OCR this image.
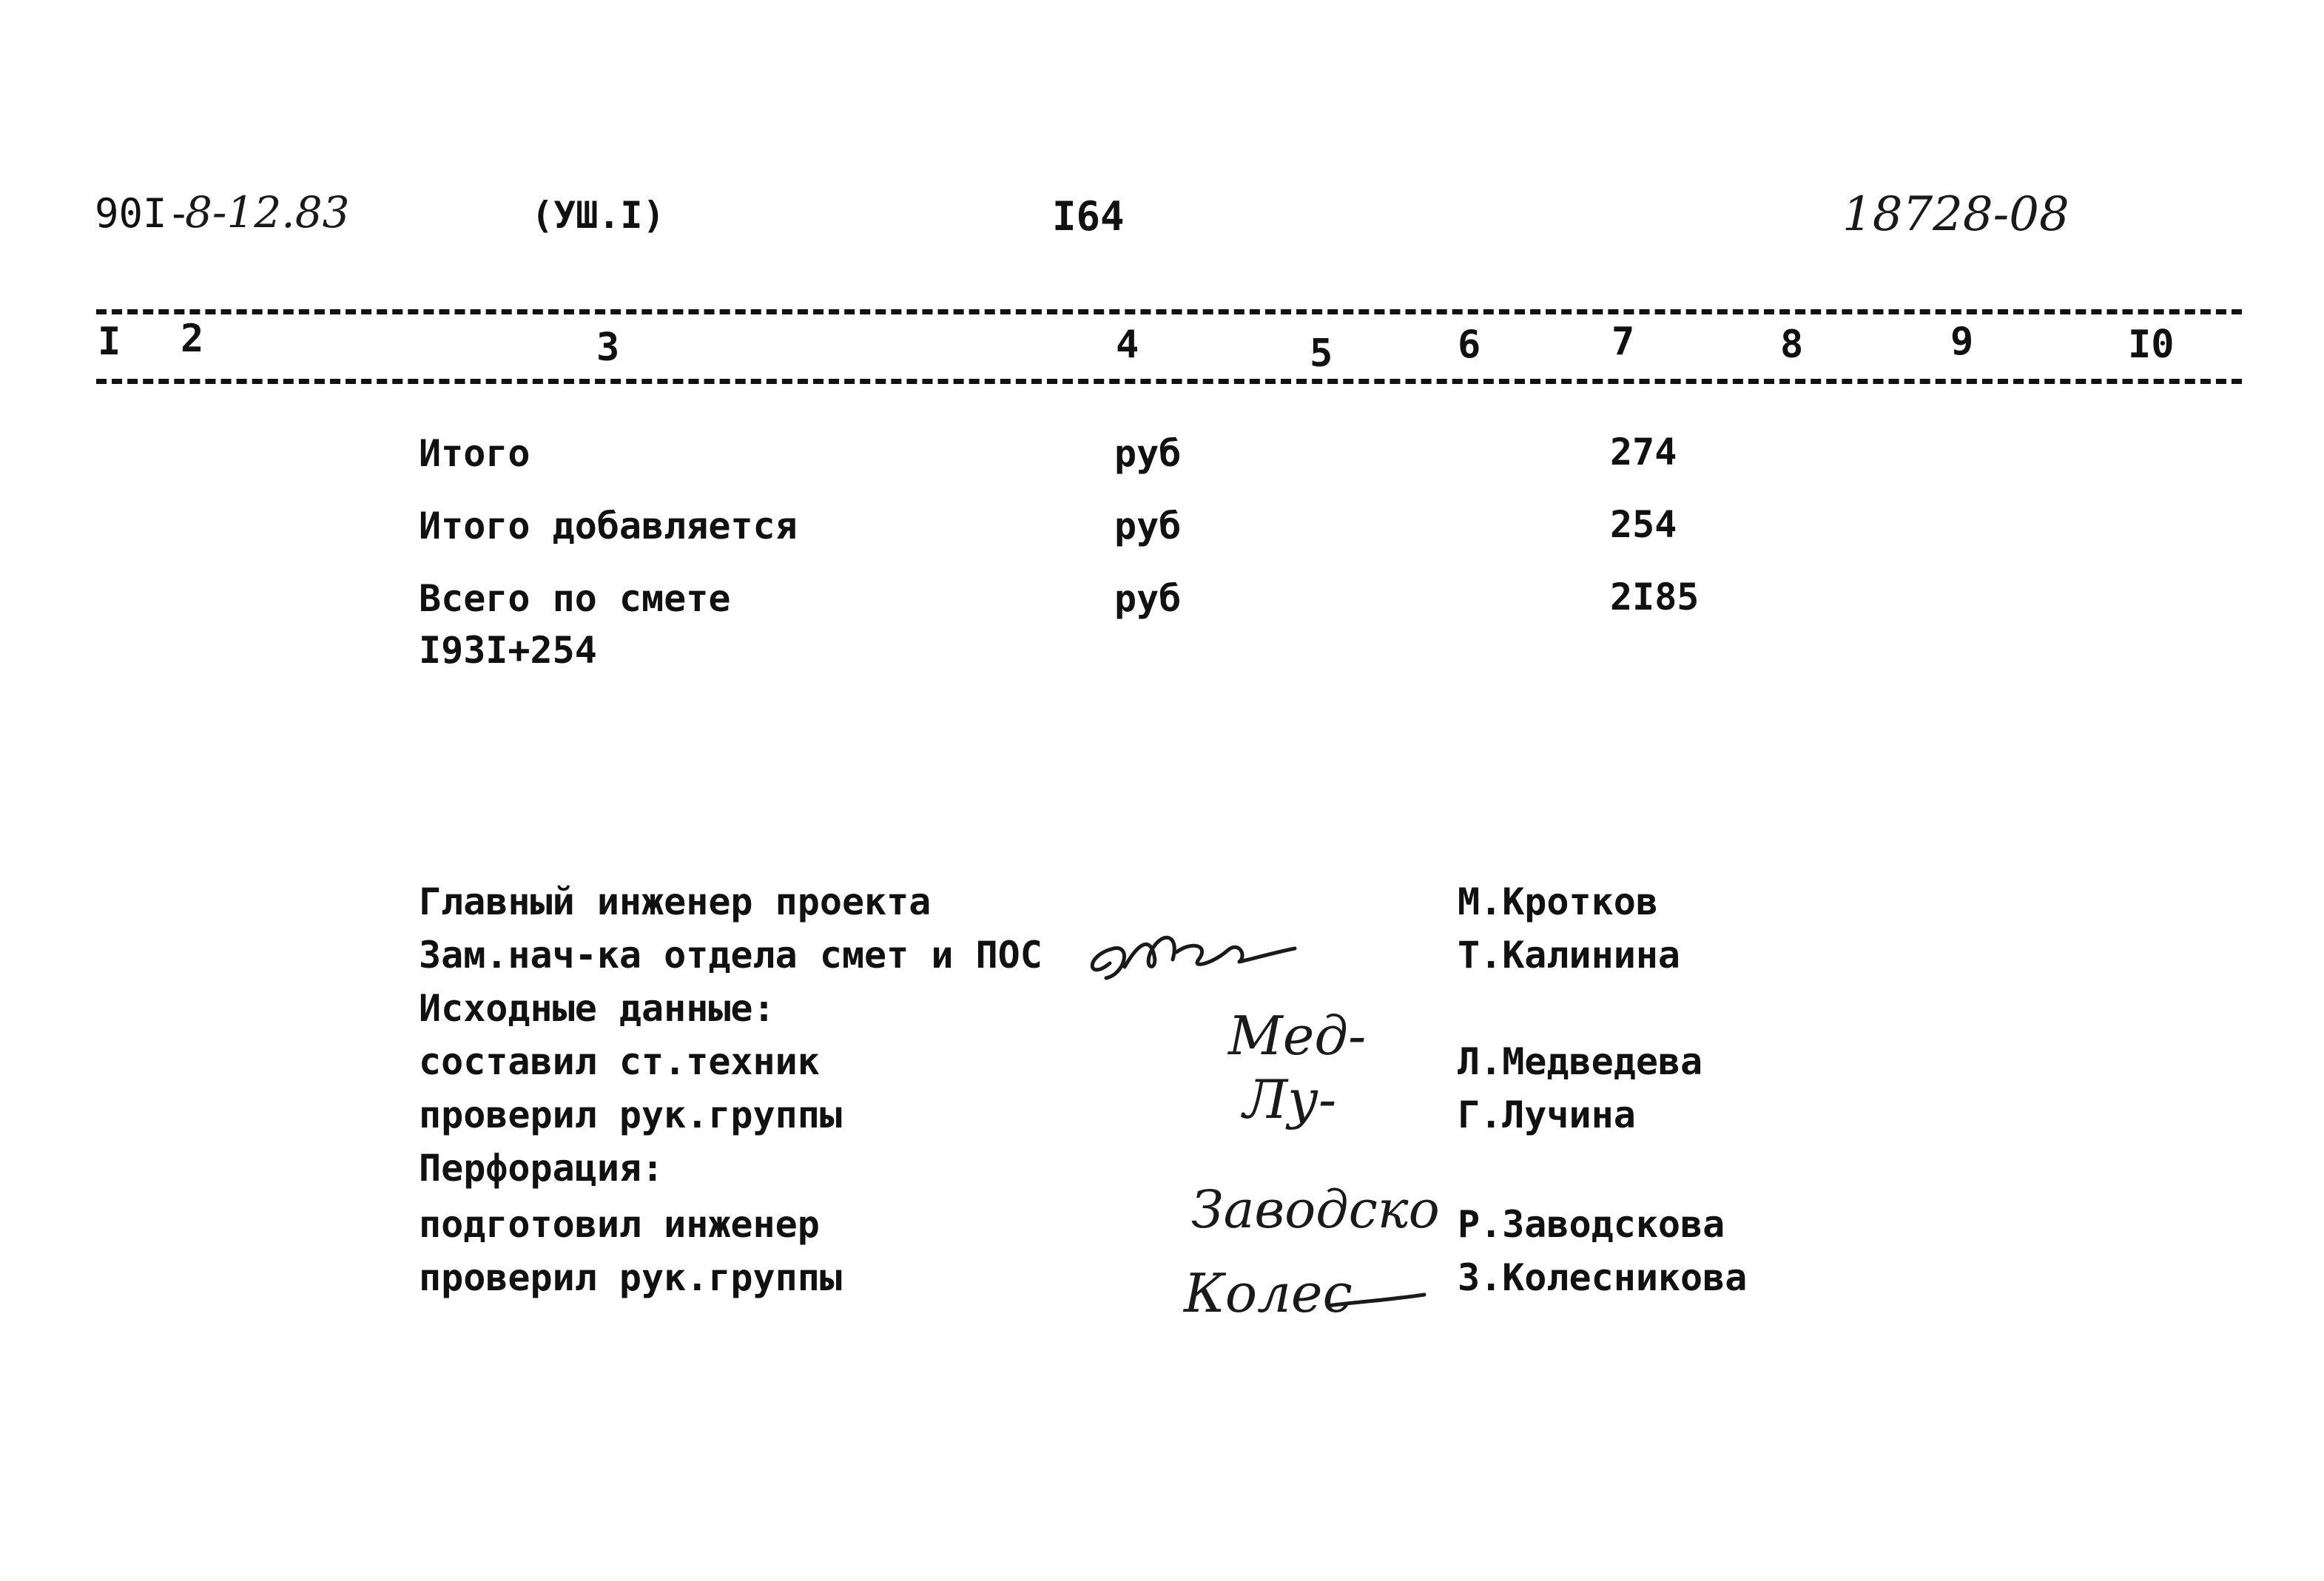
90I-
8-12.83	(УШ.I)	I64	18728-08
I 2	3	4	5	6	7	8	9	I0
Итого	руб	274
Итого добавляется	руб	254
Всего по смете	руб	2I85
I93I+254
Главный инженер проекта	М.Кротков
Зам.нач-ка отдела смет и ПОС	Т.Калинина
Исходные данные:
составил ст.техник	Л.Медведева
проверил рук.группы	Г.Лучина
Перфорация:
подготовил инженер	Р.Заводскова
проверил рук.группы	З.Колесникова
Мед-
Лу-
Заводско
Колес
